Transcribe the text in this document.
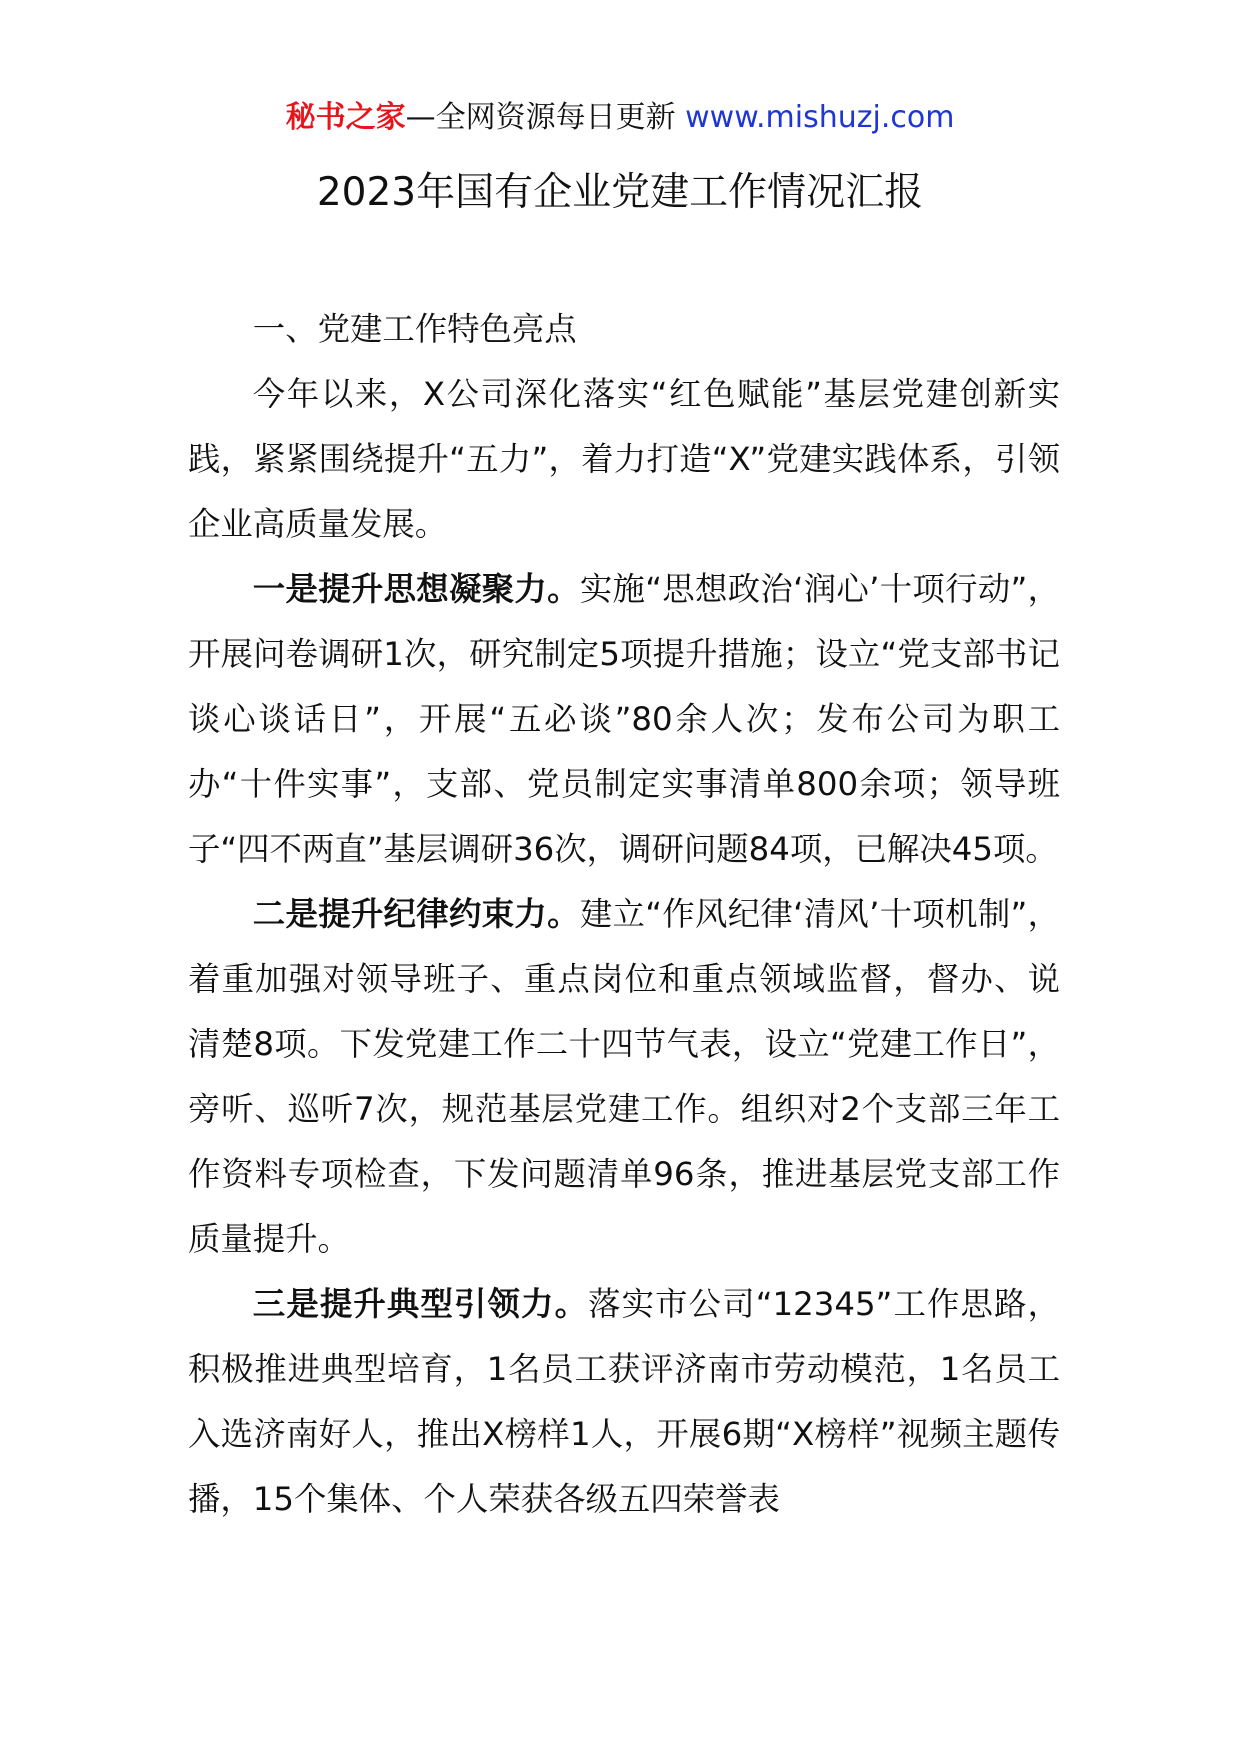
秘书之家—全网资源每日更新 www.mishuzj.com
2023年国有企业党建工作情况汇报

一、党建工作特色亮点

今年以来，X公司深化落实“红色赋能”基层党建创新实践，紧紧围绕提升“五力”，着力打造“X”党建实践体系，引领企业高质量发展。

一是提升思想凝聚力。实施“思想政治‘润心’十项行动”，开展问卷调研1次，研究制定5项提升措施；设立“党支部书记谈心谈话日”，开展“五必谈”80余人次；发布公司为职工办“十件实事”，支部、党员制定实事清单800余项；领导班子“四不两直”基层调研36次，调研问题84项，已解决45项。

二是提升纪律约束力。建立“作风纪律‘清风’十项机制”，着重加强对领导班子、重点岗位和重点领域监督，督办、说清楚8项。下发党建工作二十四节气表，设立“党建工作日”，旁听、巡听7次，规范基层党建工作。组织对2个支部三年工作资料专项检查，下发问题清单96条，推进基层党支部工作质量提升。

三是提升典型引领力。落实市公司“12345”工作思路，积极推进典型培育，1名员工获评济南市劳动模范，1名员工入选济南好人，推出X榜样1人，开展6期“X榜样”视频主题传播，15个集体、个人荣获各级五四荣誉表
